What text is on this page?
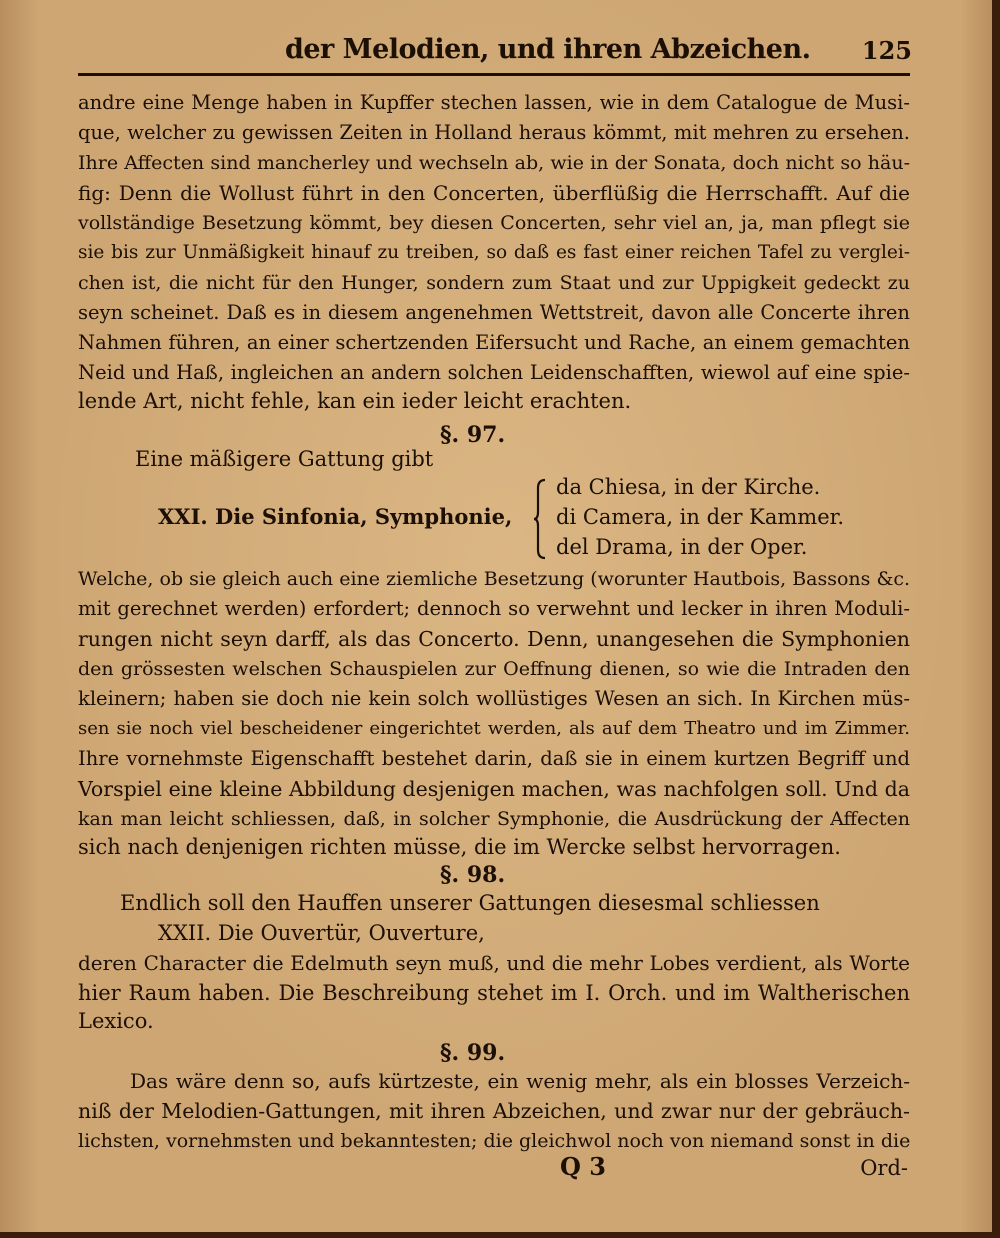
der Melodien, und ihren Abzeichen. 125
andre eine Menge haben in Kupffer stechen lassen, wie in dem Catalogue de Musi-
que, welcher zu gewissen Zeiten in Holland heraus kömmt, mit mehren zu ersehen.
Ihre Affecten sind mancherley und wechseln ab, wie in der Sonata, doch nicht so häu-
fig: Denn die Wollust führt in den Concerten, überflüßig die Herrschafft. Auf die
vollständige Besetzung kömmt, bey diesen Concerten, sehr viel an, ja, man pflegt sie
sie bis zur Unmäßigkeit hinauf zu treiben, so daß es fast einer reichen Tafel zu verglei-
chen ist, die nicht für den Hunger, sondern zum Staat und zur Uppigkeit gedeckt zu
seyn scheinet. Daß es in diesem angenehmen Wettstreit, davon alle Concerte ihren
Nahmen führen, an einer schertzenden Eifersucht und Rache, an einem gemachten
Neid und Haß, ingleichen an andern solchen Leidenschafften, wiewol auf eine spie-
lende Art, nicht fehle, kan ein ieder leicht erachten.
§. 97.
Eine mäßigere Gattung gibt
XXI. Die Sinfonia, Symphonie,
da Chiesa, in der Kirche.
di Camera, in der Kammer.
del Drama, in der Oper.
Welche, ob sie gleich auch eine ziemliche Besetzung (worunter Hautbois, Bassons &c.
mit gerechnet werden) erfordert; dennoch so verwehnt und lecker in ihren Moduli-
rungen nicht seyn darff, als das Concerto. Denn, unangesehen die Symphonien
den grössesten welschen Schauspielen zur Oeffnung dienen, so wie die Intraden den
kleinern; haben sie doch nie kein solch wollüstiges Wesen an sich. In Kirchen müs-
sen sie noch viel bescheidener eingerichtet werden, als auf dem Theatro und im Zimmer.
Ihre vornehmste Eigenschafft bestehet darin, daß sie in einem kurtzen Begriff und
Vorspiel eine kleine Abbildung desjenigen machen, was nachfolgen soll. Und da
kan man leicht schliessen, daß, in solcher Symphonie, die Ausdrückung der Affecten
sich nach denjenigen richten müsse, die im Wercke selbst hervorragen.
§. 98.
Endlich soll den Hauffen unserer Gattungen diesesmal schliessen
XXII. Die Ouvertür, Ouverture,
deren Character die Edelmuth seyn muß, und die mehr Lobes verdient, als Worte
hier Raum haben. Die Beschreibung stehet im I. Orch. und im Waltherischen
Lexico.
§. 99.
Das wäre denn so, aufs kürtzeste, ein wenig mehr, als ein blosses Verzeich-
niß der Melodien-Gattungen, mit ihren Abzeichen, und zwar nur der gebräuch-
lichsten, vornehmsten und bekanntesten; die gleichwol noch von niemand sonst in die
Q 3	Ord-
